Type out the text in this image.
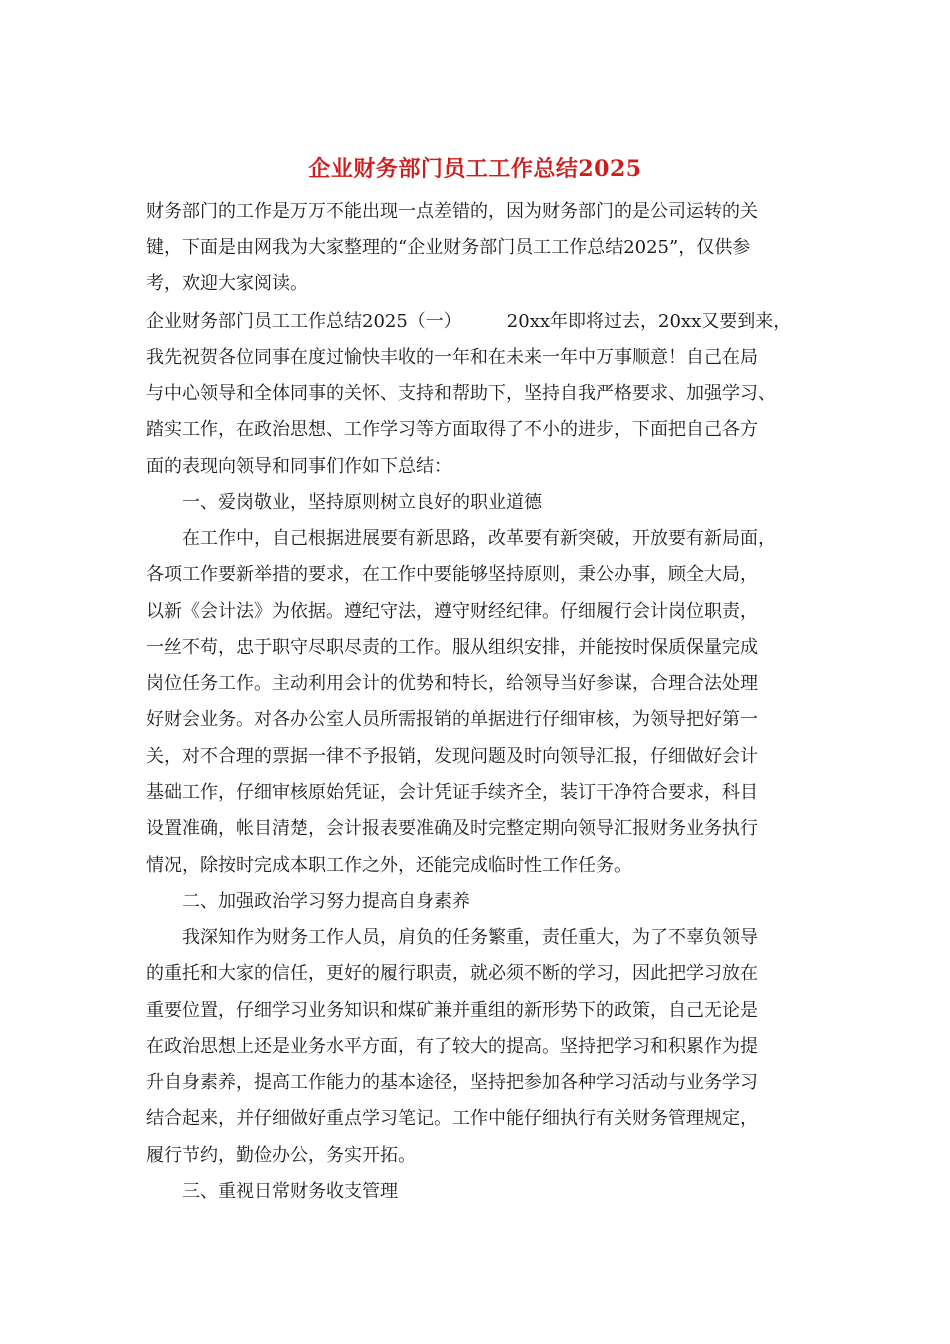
企业财务部门员工工作总结2025
财务部门的工作是万万不能出现一点差错的，因为财务部门的是公司运转的关
键，下面是由网我为大家整理的“企业财务部门员工工作总结2025”，仅供参
考，欢迎大家阅读。
企业财务部门员工工作总结2025（一）　　　20xx年即将过去，20xx又要到来，
我先祝贺各位同事在度过愉快丰收的一年和在未来一年中万事顺意！自己在局
与中心领导和全体同事的关怀、支持和帮助下，坚持自我严格要求、加强学习、
踏实工作，在政治思想、工作学习等方面取得了不小的进步，下面把自己各方
面的表现向领导和同事们作如下总结：
　　一、爱岗敬业，坚持原则树立良好的职业道德
　　在工作中，自己根据进展要有新思路，改革要有新突破，开放要有新局面，
各项工作要新举措的要求，在工作中要能够坚持原则，秉公办事，顾全大局，
以新《会计法》为依据。遵纪守法，遵守财经纪律。仔细履行会计岗位职责，
一丝不苟，忠于职守尽职尽责的工作。服从组织安排，并能按时保质保量完成
岗位任务工作。主动利用会计的优势和特长，给领导当好参谋，合理合法处理
好财会业务。对各办公室人员所需报销的单据进行仔细审核，为领导把好第一
关，对不合理的票据一律不予报销，发现问题及时向领导汇报，仔细做好会计
基础工作，仔细审核原始凭证，会计凭证手续齐全，装订干净符合要求，科目
设置准确，帐目清楚，会计报表要准确及时完整定期向领导汇报财务业务执行
情况，除按时完成本职工作之外，还能完成临时性工作任务。
　　二、加强政治学习努力提高自身素养
　　我深知作为财务工作人员，肩负的任务繁重，责任重大，为了不辜负领导
的重托和大家的信任，更好的履行职责，就必须不断的学习，因此把学习放在
重要位置，仔细学习业务知识和煤矿兼并重组的新形势下的政策，自己无论是
在政治思想上还是业务水平方面，有了较大的提高。坚持把学习和积累作为提
升自身素养，提高工作能力的基本途径，坚持把参加各种学习活动与业务学习
结合起来，并仔细做好重点学习笔记。工作中能仔细执行有关财务管理规定，
履行节约，勤俭办公，务实开拓。
　　三、重视日常财务收支管理
